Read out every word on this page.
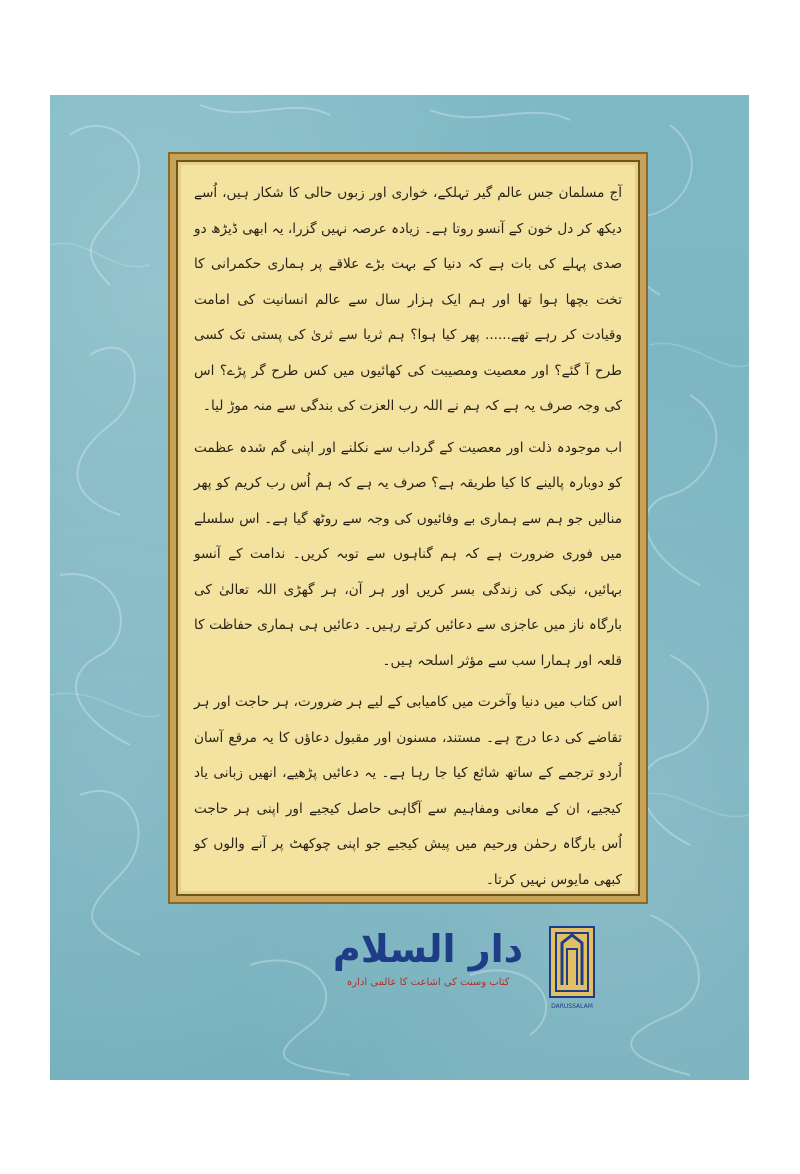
آج مسلمان جس عالم گیر تہلکے، خواری اور زبوں حالی کا شکار ہیں، اُسے دیکھ کر دل خون کے آنسو روتا ہے۔ زیادہ عرصہ نہیں گزرا، یہ ابھی ڈیڑھ دو صدی پہلے کی بات ہے کہ دنیا کے بہت بڑے علاقے پر ہماری حکمرانی کا تخت بچھا ہوا تھا اور ہم ایک ہزار سال سے عالم انسانیت کی امامت وقیادت کر رہے تھے...... پھر کیا ہوا؟ ہم ثریا سے ثریٰ کی پستی تک کسی طرح آ گئے؟ اور معصیت ومصیبت کی کھائیوں میں کس طرح گر پڑے؟ اس کی وجہ صرف یہ ہے کہ ہم نے اللہ رب العزت کی بندگی سے منہ موڑ لیا۔

اب موجودہ ذلت اور معصیت کے گرداب سے نکلنے اور اپنی گم شدہ عظمت کو دوبارہ پالینے کا کیا طریقہ ہے؟ صرف یہ ہے کہ ہم اُس رب کریم کو پھر منالیں جو ہم سے ہماری بے وفائیوں کی وجہ سے روٹھ گیا ہے۔ اس سلسلے میں فوری ضرورت ہے کہ ہم گناہوں سے توبہ کریں۔ ندامت کے آنسو بہائیں، نیکی کی زندگی بسر کریں اور ہر آن، ہر گھڑی اللہ تعالیٰ کی بارگاہ ناز میں عاجزی سے دعائیں کرتے رہیں۔ دعائیں ہی ہماری حفاظت کا قلعہ اور ہمارا سب سے مؤثر اسلحہ ہیں۔

اس کتاب میں دنیا وآخرت میں کامیابی کے لیے ہر ضرورت، ہر حاجت اور ہر تقاضے کی دعا درج ہے۔ مستند، مسنون اور مقبول دعاؤں کا یہ مرقع آسان اُردو ترجمے کے ساتھ شائع کیا جا رہا ہے۔ یہ دعائیں پڑھیے، انھیں زبانی یاد کیجیے، ان کے معانی ومفاہیم سے آگاہی حاصل کیجیے اور اپنی ہر حاجت اُس بارگاہ رحمٰن ورحیم میں پیش کیجیے جو اپنی چوکھٹ پر آنے والوں کو کبھی مایوس نہیں کرتا۔

دار السلام
کتاب وسنت کی اشاعت کا عالمی ادارہ
DARUSSALAM
